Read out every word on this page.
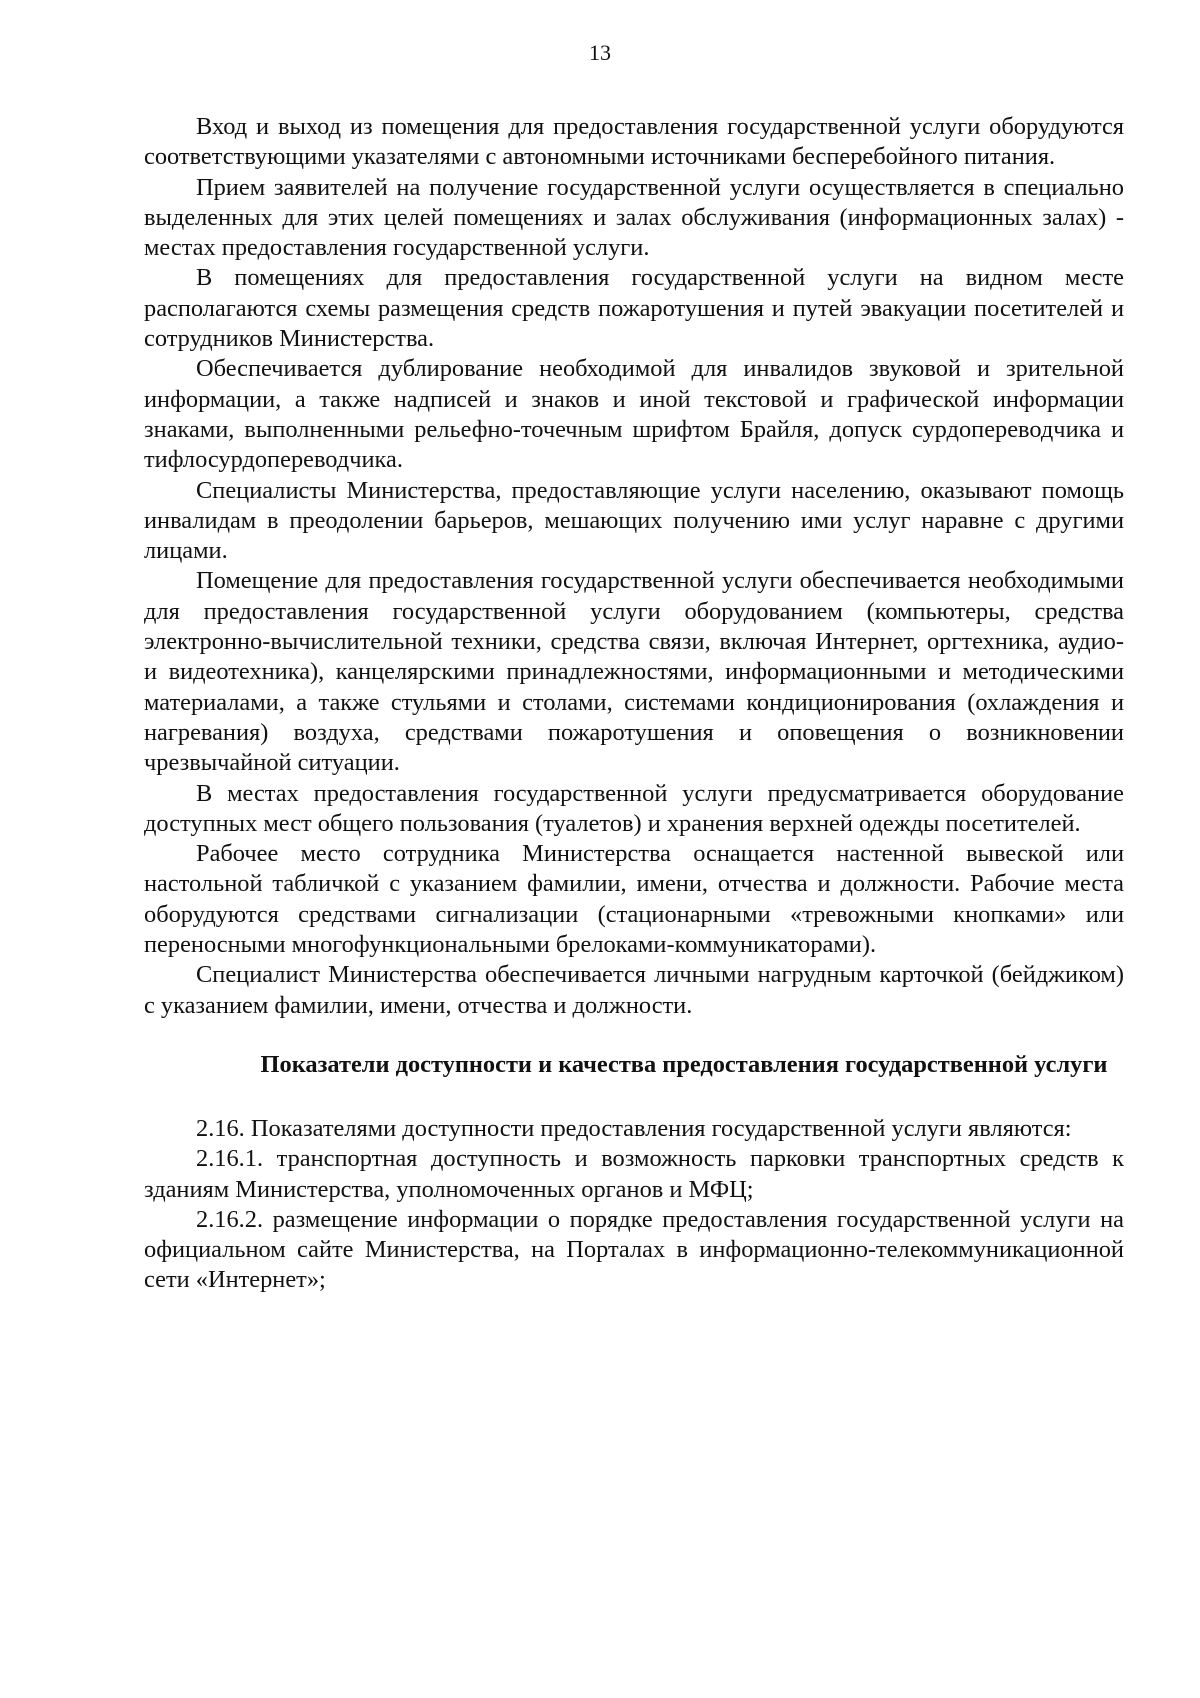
13

Вход и выход из помещения для предоставления государственной услуги оборудуются соответствующими указателями с автономными источниками бесперебойного питания.

Прием заявителей на получение государственной услуги осуществляется в специально выделенных для этих целей помещениях и залах обслуживания (информационных залах) - местах предоставления государственной услуги.

В помещениях для предоставления государственной услуги на видном месте располагаются схемы размещения средств пожаротушения и путей эвакуации посетителей и сотрудников Министерства.

Обеспечивается дублирование необходимой для инвалидов звуковой и зрительной информации, а также надписей и знаков и иной текстовой и графической информации знаками, выполненными рельефно-точечным шрифтом Брайля, допуск сурдопереводчика и тифлосурдопереводчика.

Специалисты Министерства, предоставляющие услуги населению, оказывают помощь инвалидам в преодолении барьеров, мешающих получению ими услуг наравне с другими лицами.

Помещение для предоставления государственной услуги обеспечивается необходимыми для предоставления государственной услуги оборудованием (компьютеры, средства электронно-вычислительной техники, средства связи, включая Интернет, оргтехника, аудио- и видеотехника), канцелярскими принадлежностями, информационными и методическими материалами, а также стульями и столами, системами кондиционирования (охлаждения и нагревания) воздуха, средствами пожаротушения и оповещения о возникновении чрезвычайной ситуации.

В местах предоставления государственной услуги предусматривается оборудование доступных мест общего пользования (туалетов) и хранения верхней одежды посетителей.

Рабочее место сотрудника Министерства оснащается настенной вывеской или настольной табличкой с указанием фамилии, имени, отчества и должности. Рабочие места оборудуются средствами сигнализации (стационарными «тревожными кнопками» или переносными многофункциональными брелоками-коммуникаторами).

Специалист Министерства обеспечивается личными нагрудным карточкой (бейджиком) с указанием фамилии, имени, отчества и должности.

Показатели доступности и качества предоставления государственной услуги

2.16. Показателями доступности предоставления государственной услуги являются:

2.16.1. транспортная доступность и возможность парковки транспортных средств к зданиям Министерства, уполномоченных органов и МФЦ;

2.16.2. размещение информации о порядке предоставления государственной услуги на официальном сайте Министерства, на Порталах в информационно-телекоммуникационной сети «Интернет»;
